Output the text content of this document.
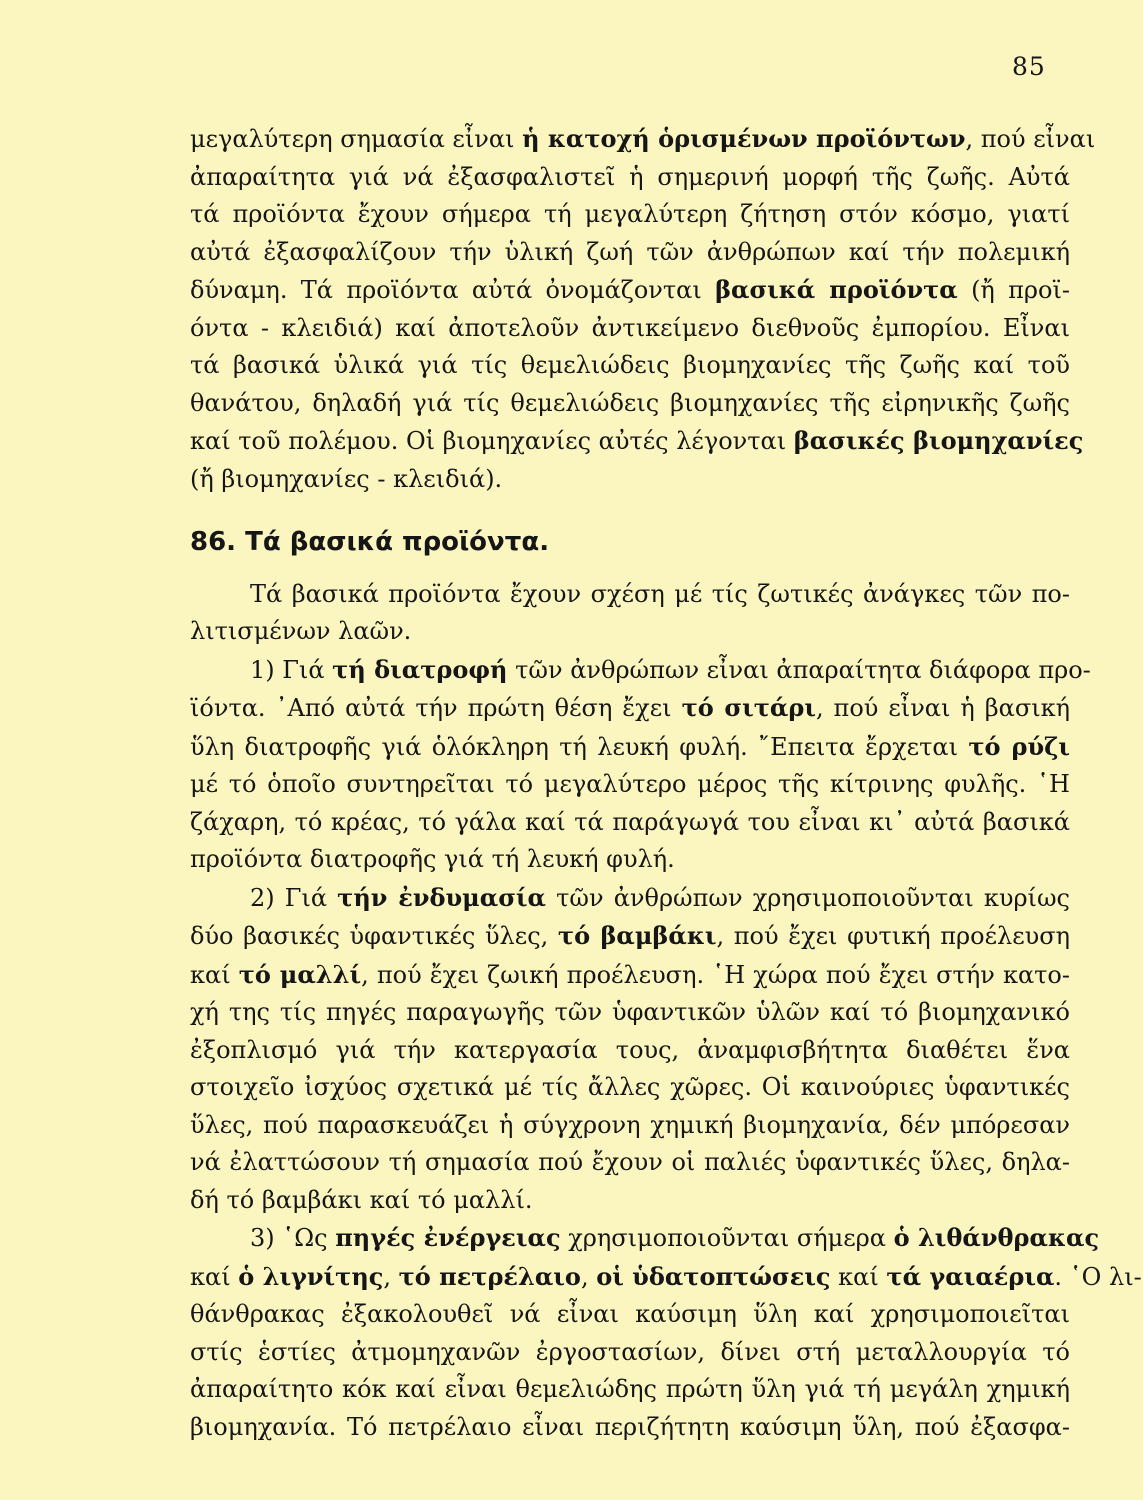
85

μεγαλύτερη σημασία εἶναι ἡ κατοχή ὁρισμένων προϊόντων, πού εἶναι
ἀπαραίτητα γιά νά ἐξασφαλιστεῖ ἡ σημερινή μορφή τῆς ζωῆς. Αὐτά
τά προϊόντα ἔχουν σήμερα τή μεγαλύτερη ζήτηση στόν κόσμο, γιατί
αὐτά ἐξασφαλίζουν τήν ὑλική ζωή τῶν ἀνθρώπων καί τήν πολεμική
δύναμη. Τά προϊόντα αὐτά ὀνομάζονται βασικά προϊόντα (ἤ προϊ-
όντα - κλειδιά) καί ἀποτελοῦν ἀντικείμενο διεθνοῦς ἐμπορίου. Εἶναι
τά βασικά ὑλικά γιά τίς θεμελιώδεις βιομηχανίες τῆς ζωῆς καί τοῦ
θανάτου, δηλαδή γιά τίς θεμελιώδεις βιομηχανίες τῆς εἰρηνικῆς ζωῆς
καί τοῦ πολέμου. Οἱ βιομηχανίες αὐτές λέγονται βασικές βιομηχανίες
(ἤ βιομηχανίες - κλειδιά).

86. Τά βασικά προϊόντα.

Τά βασικά προϊόντα ἔχουν σχέση μέ τίς ζωτικές ἀνάγκες τῶν πο-
λιτισμένων λαῶν.

1) Γιά τή διατροφή τῶν ἀνθρώπων εἶναι ἀπαραίτητα διάφορα προ-
ϊόντα. ᾿Από αὐτά τήν πρώτη θέση ἔχει τό σιτάρι, πού εἶναι ἡ βασική
ὕλη διατροφῆς γιά ὁλόκληρη τή λευκή φυλή. ῎Επειτα ἔρχεται τό ρύζι
μέ τό ὁποῖο συντηρεῖται τό μεγαλύτερο μέρος τῆς κίτρινης φυλῆς. ῾Η
ζάχαρη, τό κρέας, τό γάλα καί τά παράγωγά του εἶναι κι᾿ αὐτά βασικά
προϊόντα διατροφῆς γιά τή λευκή φυλή.

2) Γιά τήν ἐνδυμασία τῶν ἀνθρώπων χρησιμοποιοῦνται κυρίως
δύο βασικές ὑφαντικές ὕλες, τό βαμβάκι, πού ἔχει φυτική προέλευση
καί τό μαλλί, πού ἔχει ζωική προέλευση. ῾Η χώρα πού ἔχει στήν κατο-
χή της τίς πηγές παραγωγῆς τῶν ὑφαντικῶν ὑλῶν καί τό βιομηχανικό
ἐξοπλισμό γιά τήν κατεργασία τους, ἀναμφισβήτητα διαθέτει ἕνα
στοιχεῖο ἰσχύος σχετικά μέ τίς ἄλλες χῶρες. Οἱ καινούριες ὑφαντικές
ὕλες, πού παρασκευάζει ἡ σύγχρονη χημική βιομηχανία, δέν μπόρεσαν
νά ἐλαττώσουν τή σημασία πού ἔχουν οἱ παλιές ὑφαντικές ὕλες, δηλα-
δή τό βαμβάκι καί τό μαλλί.

3) ῾Ως πηγές ἐνέργειας χρησιμοποιοῦνται σήμερα ὁ λιθάνθρακας
καί ὁ λιγνίτης, τό πετρέλαιο, οἱ ὑδατοπτώσεις καί τά γαιαέρια. ῾Ο λι-
θάνθρακας ἐξακολουθεῖ νά εἶναι καύσιμη ὕλη καί χρησιμοποιεῖται
στίς ἑστίες ἀτμομηχανῶν ἐργοστασίων, δίνει στή μεταλλουργία τό
ἀπαραίτητο κόκ καί εἶναι θεμελιώδης πρώτη ὕλη γιά τή μεγάλη χημική
βιομηχανία. Τό πετρέλαιο εἶναι περιζήτητη καύσιμη ὕλη, πού ἐξασφα-
